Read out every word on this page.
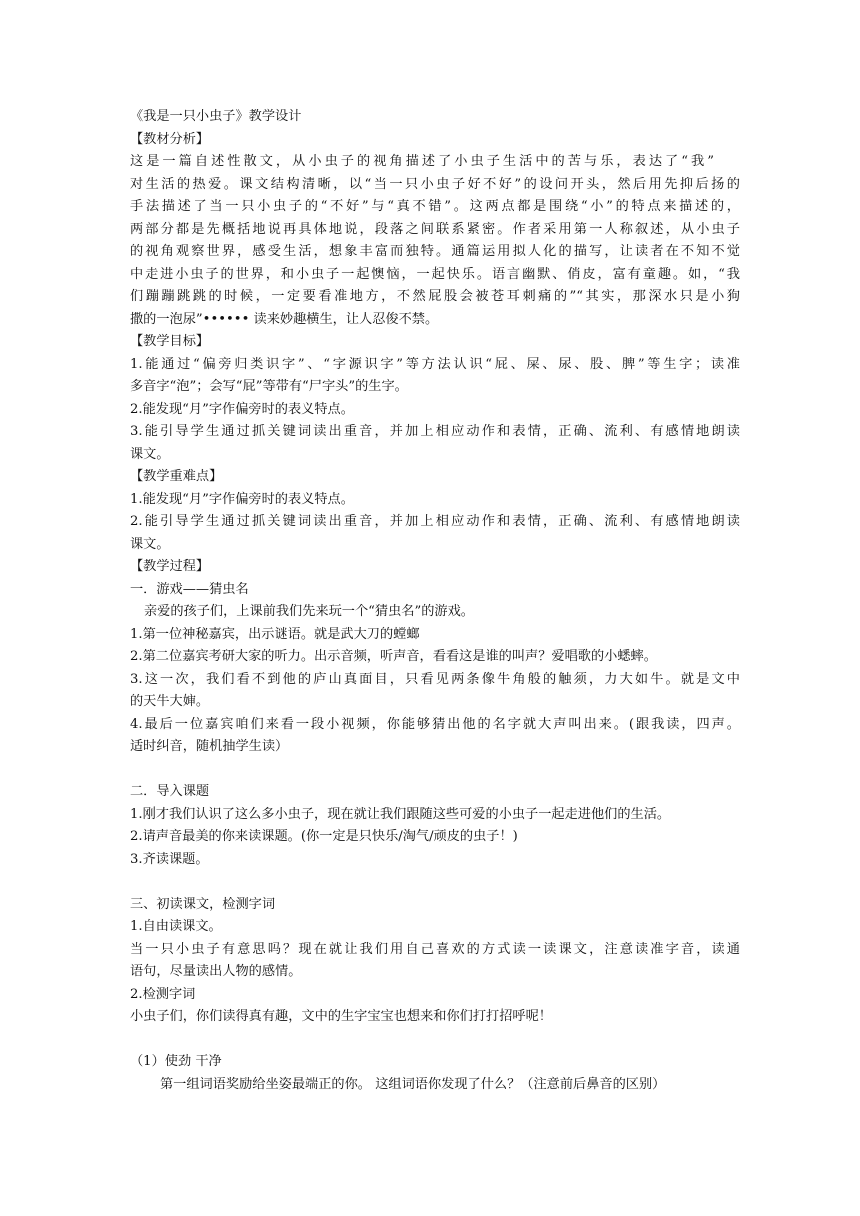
《我是一只小虫子》教学设计
【教材分析】
这是一篇自述性散文，从小虫子的视角描述了小虫子生活中的苦与乐，表达了“我”
对生活的热爱。课文结构清晰，以“当一只小虫子好不好”的设问开头，然后用先抑后扬的
手法描述了当一只小虫子的“不好”与“真不错”。这两点都是围绕“小”的特点来描述的，
两部分都是先概括地说再具体地说，段落之间联系紧密。作者采用第一人称叙述，从小虫子
的视角观察世界，感受生活，想象丰富而独特。通篇运用拟人化的描写，让读者在不知不觉
中走进小虫子的世界，和小虫子一起懊恼，一起快乐。语言幽默、俏皮，富有童趣。如，“我
们蹦蹦跳跳的时候，一定要看准地方，不然屁股会被苍耳刺痛的”“其实，那深水只是小狗
撒的一泡尿”•••••• 读来妙趣横生，让人忍俊不禁。
【教学目标】
1.能通过“偏旁归类识字”、“字源识字”等方法认识“屁、屎、尿、股、脾”等生字；读准
多音字“泡”；会写“屁”等带有“尸字头”的生字。
2.能发现“月”字作偏旁时的表义特点。
3.能引导学生通过抓关键词读出重音，并加上相应动作和表情，正确、流利、有感情地朗读
课文。
【教学重难点】
1.能发现“月”字作偏旁时的表义特点。
2.能引导学生通过抓关键词读出重音，并加上相应动作和表情，正确、流利、有感情地朗读
课文。
【教学过程】
一．游戏——猜虫名
亲爱的孩子们，上课前我们先来玩一个“猜虫名”的游戏。
1.第一位神秘嘉宾，出示谜语。就是武大刀的螳螂
2.第二位嘉宾考研大家的听力。出示音频，听声音，看看这是谁的叫声？爱唱歌的小蟋蟀。
3.这一次，我们看不到他的庐山真面目，只看见两条像牛角般的触须，力大如牛。就是文中
的天牛大婶。
4.最后一位嘉宾咱们来看一段小视频，你能够猜出他的名字就大声叫出来。(跟我读，四声。
适时纠音，随机抽学生读）
二．导入课题
1.刚才我们认识了这么多小虫子，现在就让我们跟随这些可爱的小虫子一起走进他们的生活。
2.请声音最美的你来读课题。(你一定是只快乐/淘气/顽皮的虫子！)
3.齐读课题。
三、初读课文，检测字词
1.自由读课文。
当一只小虫子有意思吗？现在就让我们用自己喜欢的方式读一读课文，注意读准字音，读通
语句，尽量读出人物的感情。
2.检测字词
小虫子们，你们读得真有趣，文中的生字宝宝也想来和你们打打招呼呢！
（1）使劲 干净
第一组词语奖励给坐姿最端正的你。 这组词语你发现了什么？（注意前后鼻音的区别）
